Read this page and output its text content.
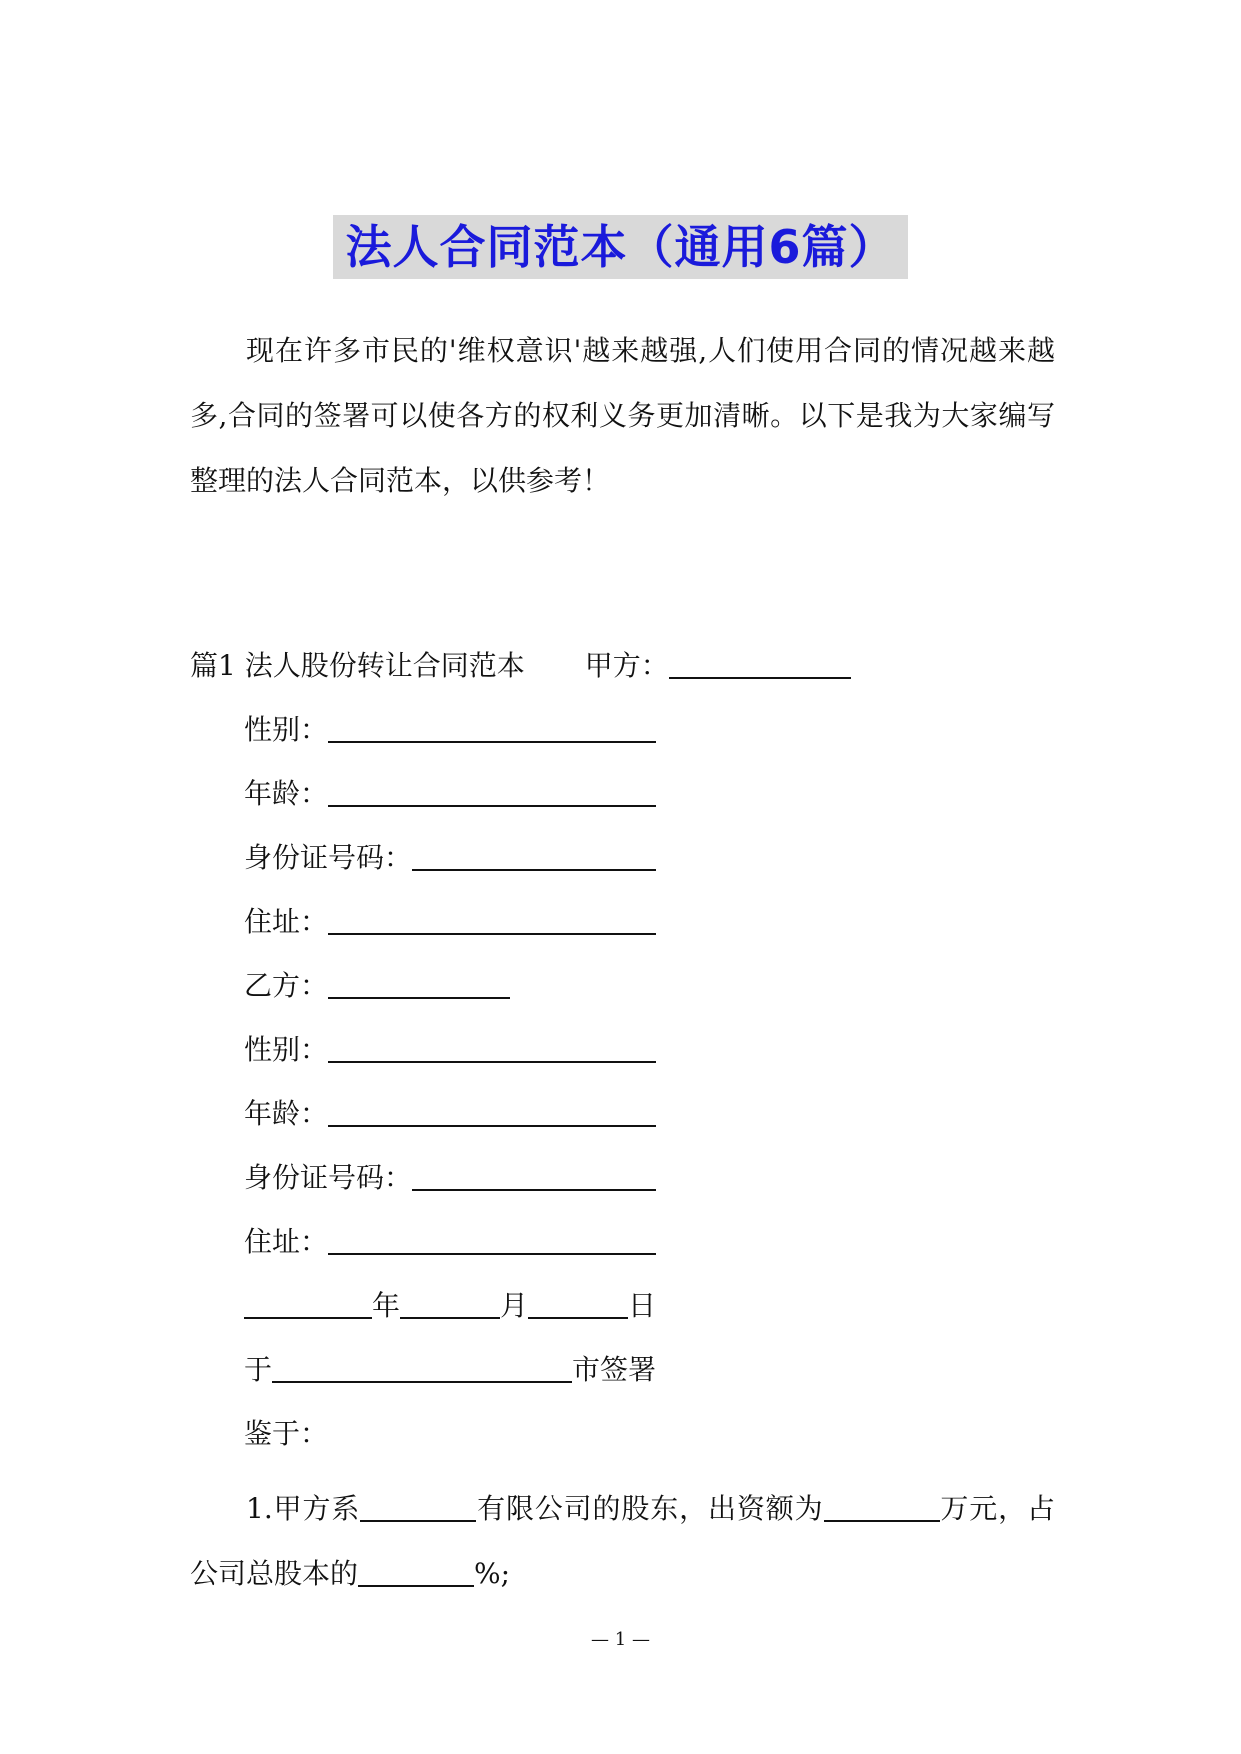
法人合同范本（通用6篇）

现在许多市民的'维权意识'越来越强,人们使用合同的情况越来越多,合同的签署可以使各方的权利义务更加清晰。以下是我为大家编写整理的法人合同范本，以供参考！

篇1 法人股份转让合同范本 甲方：
性别：
年龄：
身份证号码：
住址：
乙方：
性别：
年龄：
身份证号码：
住址：
年	月	日
于	市签署
鉴于：

1.甲方系	有限公司的股东，出资额为	万元，占公司总股本的	%;

— 1 —
